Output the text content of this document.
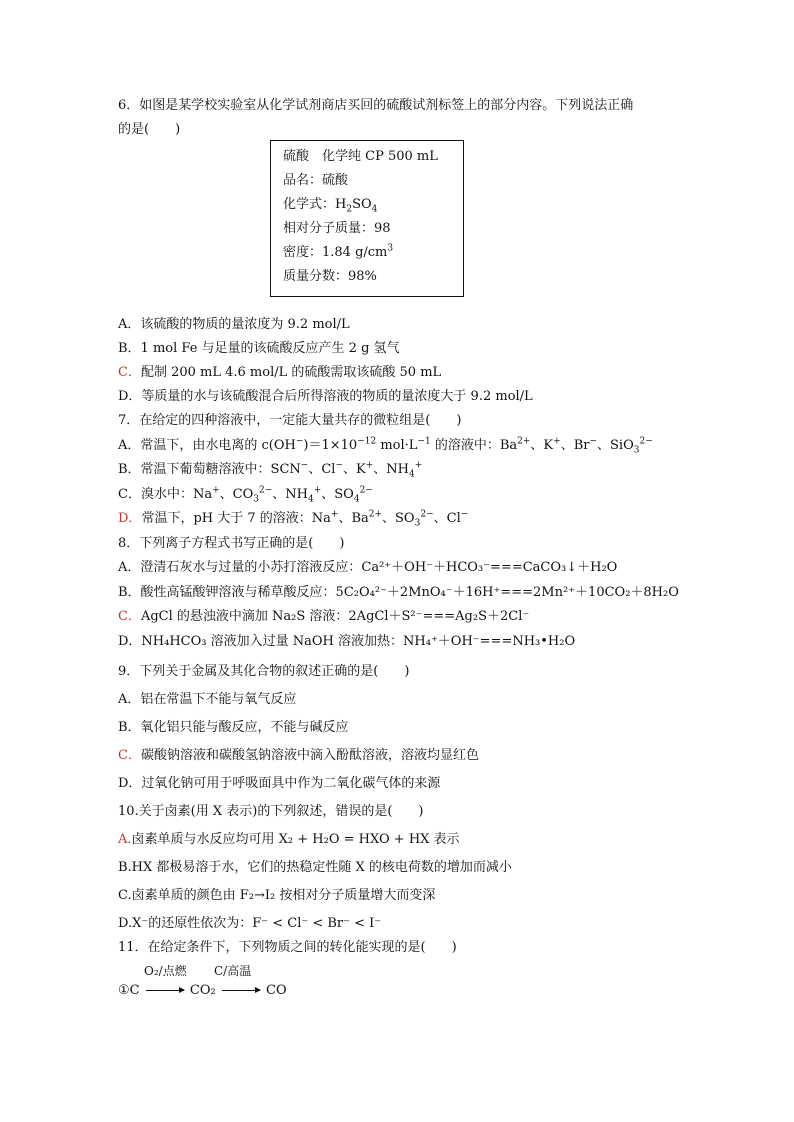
6．如图是某学校实验室从化学试剂商店买回的硫酸试剂标签上的部分内容。下列说法正确
的是(　　)
硫酸　化学纯 CP 500 mL
品名：硫酸
化学式：$H_2SO_4$
相对分子质量：98
密度：1.84 $g/cm^3$
质量分数：98%
A．该硫酸的物质的量浓度为 9.2 mol/L
B．1 mol Fe 与足量的该硫酸反应产生 2 g 氢气
C．配制 200 mL 4.6 mol/L 的硫酸需取该硫酸 50 mL
D．等质量的水与该硫酸混合后所得溶液的物质的量浓度大于 9.2 mol/L
7．在给定的四种溶液中，一定能大量共存的微粒组是(　　)
A．常温下，由水电离的 $c(OH^-)=1\times 10^{-12}$ $mol\cdot L^{-1}$ 的溶液中：$Ba^{2+}$、K+、Br−、SiO$_3^{2-}$
B．常温下葡萄糖溶液中：SCN−、Cl−、K+、$NH_4^+$
C．溴水中：Na+、$CO_3^{2-}$、$NH_4^+$、$SO_4^{2-}$
D．常温下，pH 大于 7 的溶液：Na+、$Ba^{2+}$、$SO_3^{2-}$、Cl−
8．下列离子方程式书写正确的是(　　)
A．澄清石灰水与过量的小苏打溶液反应：Ca²⁺＋OH⁻＋HCO₃⁻===CaCO₃↓＋H₂O
B．酸性高锰酸钾溶液与稀草酸反应：5C₂O₄²⁻＋2MnO₄⁻＋16H⁺===2Mn²⁺＋10CO₂＋8H₂O
C．AgCl 的悬浊液中滴加 Na₂S 溶液：2AgCl＋S²⁻===Ag₂S＋2Cl⁻
D．NH₄HCO₃ 溶液加入过量 NaOH 溶液加热：NH₄⁺＋OH⁻===NH₃•H₂O
9．下列关于金属及其化合物的叙述正确的是(　　)
A．铝在常温下不能与氧气反应
B．氧化铝只能与酸反应，不能与碱反应
C．碳酸钠溶液和碳酸氢钠溶液中滴入酚酞溶液，溶液均显红色
D．过氧化钠可用于呼吸面具中作为二氧化碳气体的来源
10.关于卤素(用 X 表示)的下列叙述，错误的是(　　)
A.卤素单质与水反应均可用 X₂ + H₂O = HXO + HX 表示
B.HX 都极易溶于水，它们的热稳定性随 X 的核电荷数的增加而减小
C.卤素单质的颜色由 F₂→I₂ 按相对分子质量增大而变深
D.X⁻的还原性依次为：F⁻ < Cl⁻ < Br⁻ < I⁻
11．在给定条件下，下列物质之间的转化能实现的是(　　)
O₂/点燃 C/高温
①C → CO₂ → CO
